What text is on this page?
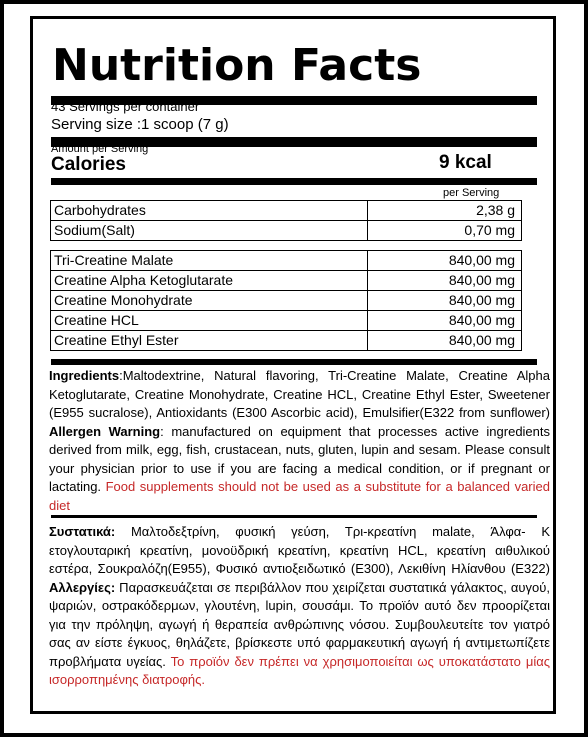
Nutrition Facts
43 Servings per container
Serving size :1 scoop (7 g)
Amount per Serving
Calories	9 kcal
per Serving
Carbohydrates	2,38 g
Sodium(Salt)	0,70 mg
Tri-Creatine Malate	840,00 mg
Creatine Alpha Ketoglutarate	840,00 mg
Creatine Monohydrate	840,00 mg
Creatine HCL	840,00 mg
Creatine Ethyl Ester	840,00 mg
Ingredients:Maltodextrine, Natural flavoring, Tri-Creatine Malate, Creatine Alpha Ketoglutarate, Creatine Monohydrate, Creatine HCL, Creatine Ethyl Ester, Sweetener (E955 sucralose), Antioxidants (E300 Ascorbic acid), Emulsifier(E322 from sunflower) Allergen Warning: manufactured on equipment that processes active ingredients derived from milk, egg, fish, crustacean, nuts, gluten, lupin and sesam. Please consult your physician prior to use if you are facing a medical condition, or if pregnant or lactating. Food supplements should not be used as a substitute for a balanced varied diet
Συστατικά: Μαλτοδεξτρίνη, φυσική γεύση, Τρι-κρεατίνη malate, Άλφα- Κ ετογλουταρική κρεατίνη, μονοϋδρική κρεατίνη, κρεατίνη HCL, κρεατίνη αιθυλικού εστέρα, Σουκραλόζη(E955), Φυσικό αντιοξειδωτικό (Ε300), Λεκιθίνη Ηλίανθου (Ε322) Αλλεργίες: Παρασκευάζεται σε περιβάλλον που χειρίζεται συστατικά γάλακτος, αυγού, ψαριών, οστρακόδερμων, γλουτένη, lupin, σουσάμι. Το προϊόν αυτό δεν προορίζεται για την πρόληψη, αγωγή ή θεραπεία ανθρώπινης νόσου. Συμβουλευτείτε τον γιατρό σας αν είστε έγκυος, θηλάζετε, βρίσκεστε υπό φαρμακευτική αγωγή ή αντιμετωπίζετε προβλήματα υγείας. Το προϊόν δεν πρέπει να χρησιμοποιείται ως υποκατάστατο μίας ισορροπημένης διατροφής.
